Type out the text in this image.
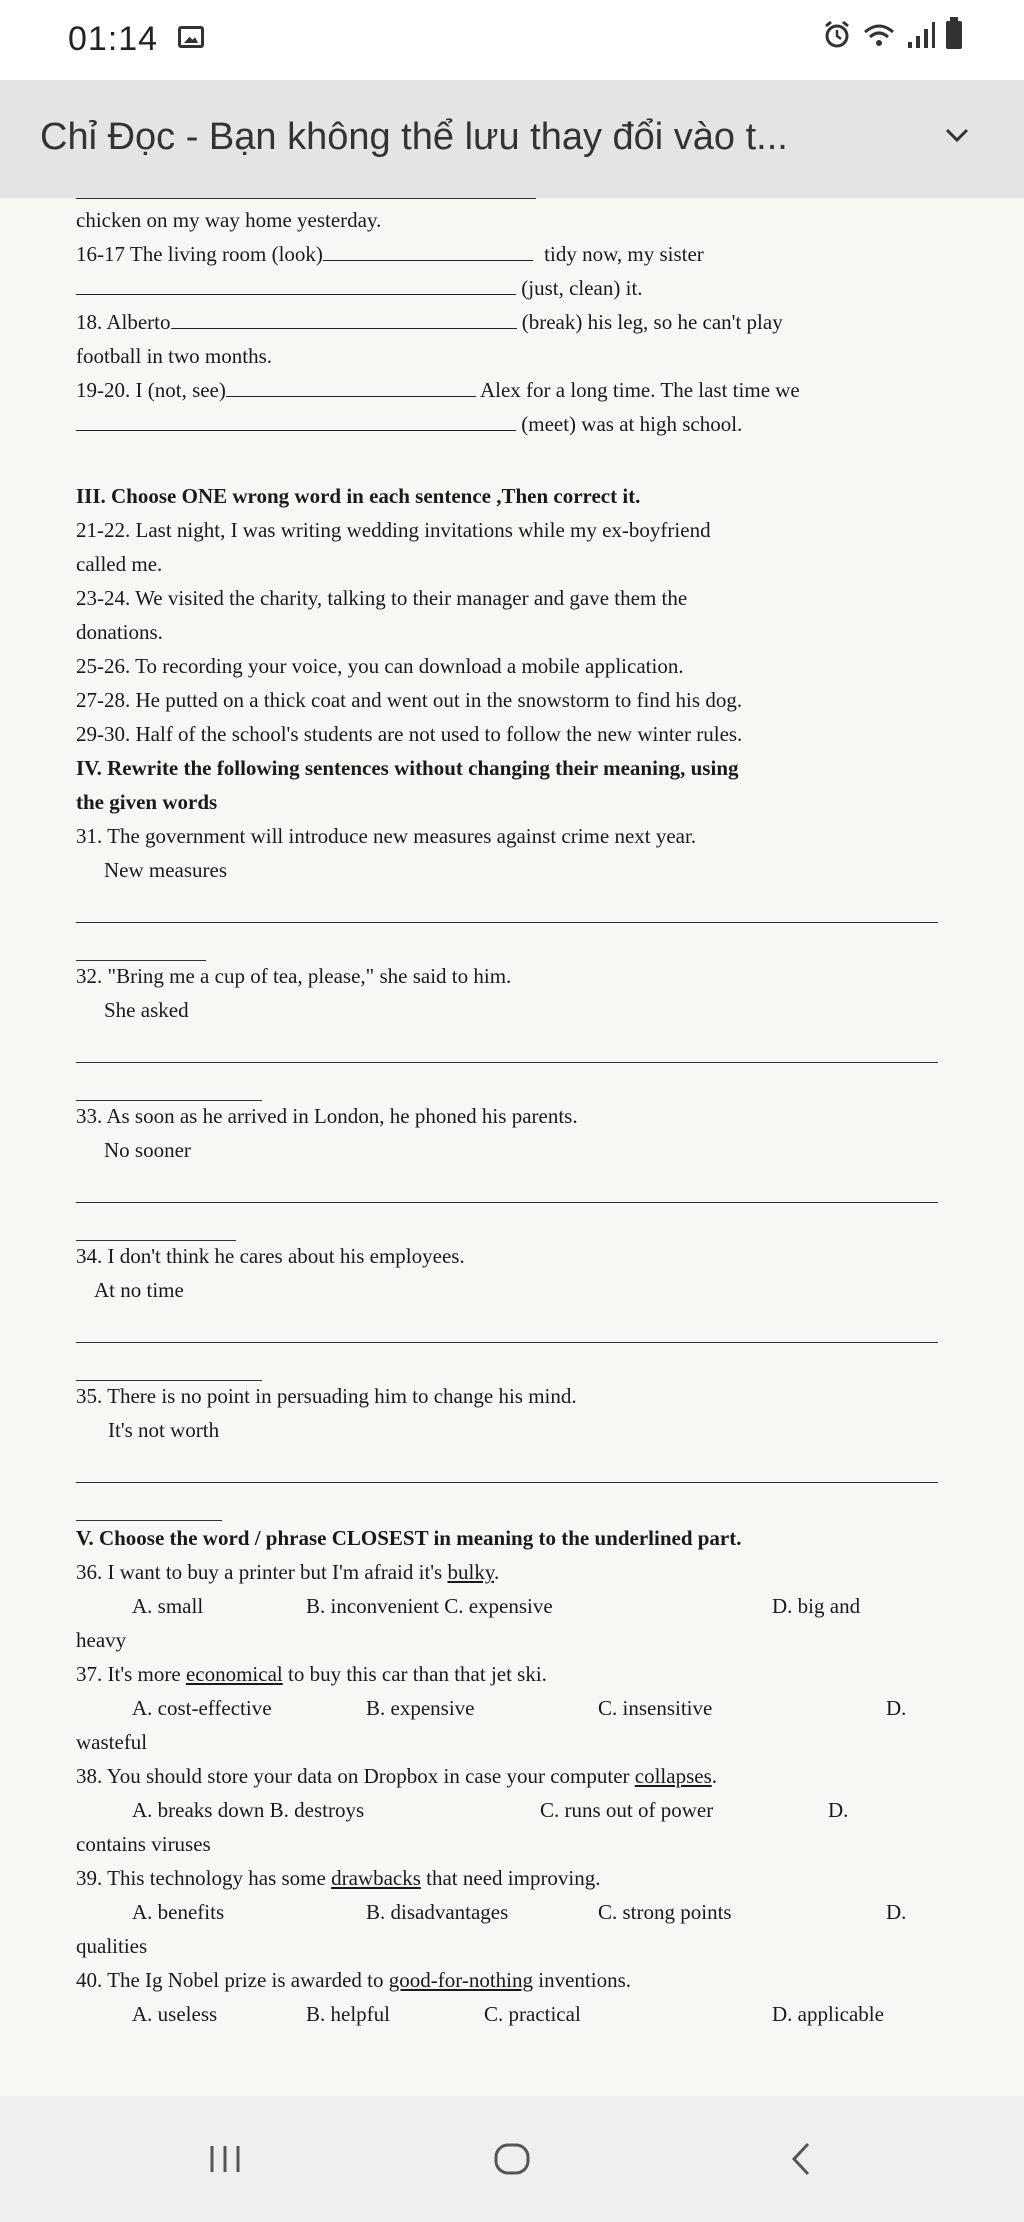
01:14
Chỉ Đọc - Bạn không thể lưu thay đổi vào t...
chicken on my way home yesterday.
16-17 The living room (look)	tidy now, my sister
(just, clean) it.
18. Alberto	(break) his leg, so he can't play
football in two months.
19-20. I (not, see)	Alex for a long time. The last time we
(meet) was at high school.
III. Choose ONE wrong word in each sentence ,Then correct it.
21-22. Last night, I was writing wedding invitations while my ex-boyfriend
called me.
23-24. We visited the charity, talking to their manager and gave them the
donations.
25-26. To recording your voice, you can download a mobile application.
27-28. He putted on a thick coat and went out in the snowstorm to find his dog.
29-30. Half of the school's students are not used to follow the new winter rules.
IV. Rewrite the following sentences without changing their meaning, using
the given words
31. The government will introduce new measures against crime next year.
New measures
32. "Bring me a cup of tea, please," she said to him.
She asked
33. As soon as he arrived in London, he phoned his parents.
No sooner
34. I don't think he cares about his employees.
At no time
35. There is no point in persuading him to change his mind.
It's not worth
V. Choose the word / phrase CLOSEST in meaning to the underlined part.
36. I want to buy a printer but I'm afraid it's bulky.
A. small	B. inconvenient C. expensive	D. big and
heavy
37. It's more economical to buy this car than that jet ski.
A. cost-effective	B. expensive	C. insensitive	D.
wasteful
38. You should store your data on Dropbox in case your computer collapses.
A. breaks down B. destroys	C. runs out of power	D.
contains viruses
39. This technology has some drawbacks that need improving.
A. benefits	B. disadvantages	C. strong points	D.
qualities
40. The Ig Nobel prize is awarded to good-for-nothing inventions.
A. useless	B. helpful	C. practical	D. applicable
